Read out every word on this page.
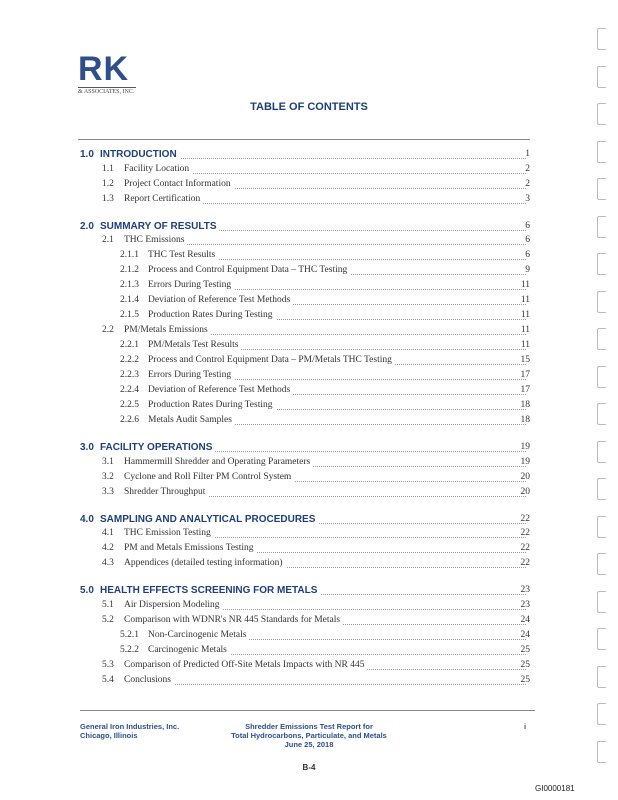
RK
& ASSOCIATES, INC.
TABLE OF CONTENTS
1.0 INTRODUCTION	1
1.1 Facility Location	2
1.2 Project Contact Information	2
1.3 Report Certification	3
2.0 SUMMARY OF RESULTS	6
2.1 THC Emissions	6
2.1.1 THC Test Results	6
2.1.2 Process and Control Equipment Data – THC Testing	9
2.1.3 Errors During Testing	11
2.1.4 Deviation of Reference Test Methods	11
2.1.5 Production Rates During Testing	11
2.2 PM/Metals Emissions	11
2.2.1 PM/Metals Test Results	11
2.2.2 Process and Control Equipment Data – PM/Metals THC Testing	15
2.2.3 Errors During Testing	17
2.2.4 Deviation of Reference Test Methods	17
2.2.5 Production Rates During Testing	18
2.2.6 Metals Audit Samples	18
3.0 FACILITY OPERATIONS	19
3.1 Hammermill Shredder and Operating Parameters	19
3.2 Cyclone and Roll Filter PM Control System	20
3.3 Shredder Throughput	20
4.0 SAMPLING AND ANALYTICAL PROCEDURES	22
4.1 THC Emission Testing	22
4.2 PM and Metals Emissions Testing	22
4.3 Appendices (detailed testing information)	22
5.0 HEALTH EFFECTS SCREENING FOR METALS	23
5.1 Air Dispersion Modeling	23
5.2 Comparison with WDNR's NR 445 Standards for Metals	24
5.2.1 Non-Carcinogenic Metals	24
5.2.2 Carcinogenic Metals	25
5.3 Comparison of Predicted Off-Site Metals Impacts with NR 445	25
5.4 Conclusions	25
General Iron Industries, Inc.
Chicago, Illinois
Shredder Emissions Test Report for
Total Hydrocarbons, Particulate, and Metals
June 25, 2018
i
B-4
GI0000181
